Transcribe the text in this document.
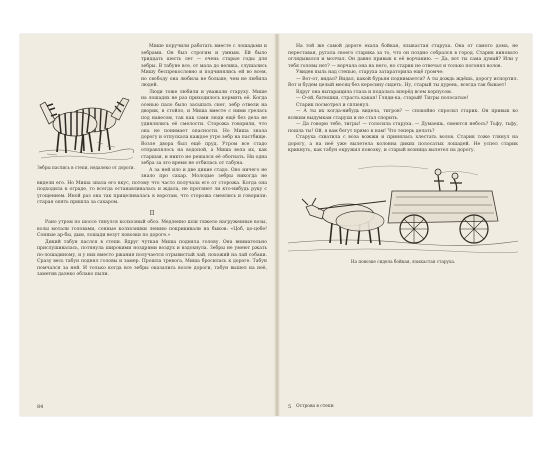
Зебры паслись в степи, недалеко от дороги.

Мише поручили работать вместе с лошадьми и зебрами. Он был строгим и умным. Ей было тридцать шесть лет — очень старые годы для зебры. В табуне все, от мала до велика, слушались Мишу беспрекословно и подчинялись ей во всем, но свободу она любила не больше, чем не любила людей.

Люди тоже любили и уважали старуху. Мише на лошадях не раз приходилось кормить её. Когда осенью пало было засыпать снег, зебр отвели на дворик, в стойло, и Миша вместе с ними грелась под навесом, так как сами люди ещё без дела не удивлялись её смелости. Сторожа говорили, что она не понимает опасности. Но Миша знала дорогу и отпускала каждое утро зебр на пастбище. Возле двора был ещё пруд. Утром все стадо отправлялось на водопой, а Миша вела их, как старшая, и никто не решался её обогнать. Ни одна зебра за это время не отбилась от табуна.

А за ней ило и две дикие стадо. Оно ничего не знало про сахар. Молодые зебры никогда не видели его. Но Миша знала его вкус, потому что часто получала его от сторожа. Когда она подходила к ограде, то всегда останавливалась и ждала, не протянет ли кто-нибудь руку с угощением. Иной раз она так прицеливалась к воротам, что сторожа смеялись и говорили: старая опять пришла за сахаром.

II

Рано утром по шоссе тянулся колхозный обоз. Медленно шли тяжело нагруженные возы, волы мотали головами, сонные колхозники лениво покрикивали на быков: «Цоб, цо-цобе! Сонные ар-бы, дым, лошади везут повозки по дороге.»

Дикий табун паслся в степи. Вдруг чуткая Миша подняла голову. Она внимательно прислушивалась, потянула широкими ноздрями воздух и вздохнула. Зебры не умеют ржать по-лошадиному, и у них вместо ржания получается отрывистый лай, похожий на лай собаки. Сразу весь табун поднял головы и замер. Прошла тревога, Миша бросилась к дороге. Табун помчался за ней. И только когда все зебры оказались возле дороги, табун вышел на неё, заметив далеко облако пыли.

84

На той же самой дороге ехала бойкая, языкастая старуха. Она от самого дома, не переставая, ругала своего старика за то, что он поздно собрался в город. Старик виновато оглядывался и молчал. Он давно привык к её ворчанию. — Да, вот ты сама думай? Или у тебя головы нет? — ворчала она на него, но старик не отвечал и только погонял волов.

Увидев пыль над степью, старуха затараторила ещё громче:

— Вот-от, видал? Видал, какой бурьян поднимается? А ты дождь ждёшь, дорогу испортил. Вот и будем целый месяц без керосину сидеть. Ну, старый ты дурень, всегда так бывает!

Вдруг она вытаращила глаза и подалась вперёд всем корпусом.

— О-ой, батюшки, страсть какая! Гляди-ка, старый! Тигры полосатые!

Старик посмотрел и сплюнул.

— А ты их когда-нибудь видела, тигров? — спокойно спросил старик. Он привык ко всяким выдумкам старухи и не стал спорить.

— Да говорю тебе, тигры! — голосила старуха. — Думаешь, смеются небось? Тьфу, тьфу, пошла ты! Ой, я вам бегут прямо к нам! Что теперь делать?

Старуха схватила с воза вожжи и принялась хлестать волов. Старик тоже глянул на дорогу, а на неё уже вылетела колонна диких полосатых лошадей. Не успел старик крикнуть, как табун окружил повозку, и старый возница вылетел на дорогу.

На повозке сидела бойкая, языкастая старуха.

5 Острова в степи
